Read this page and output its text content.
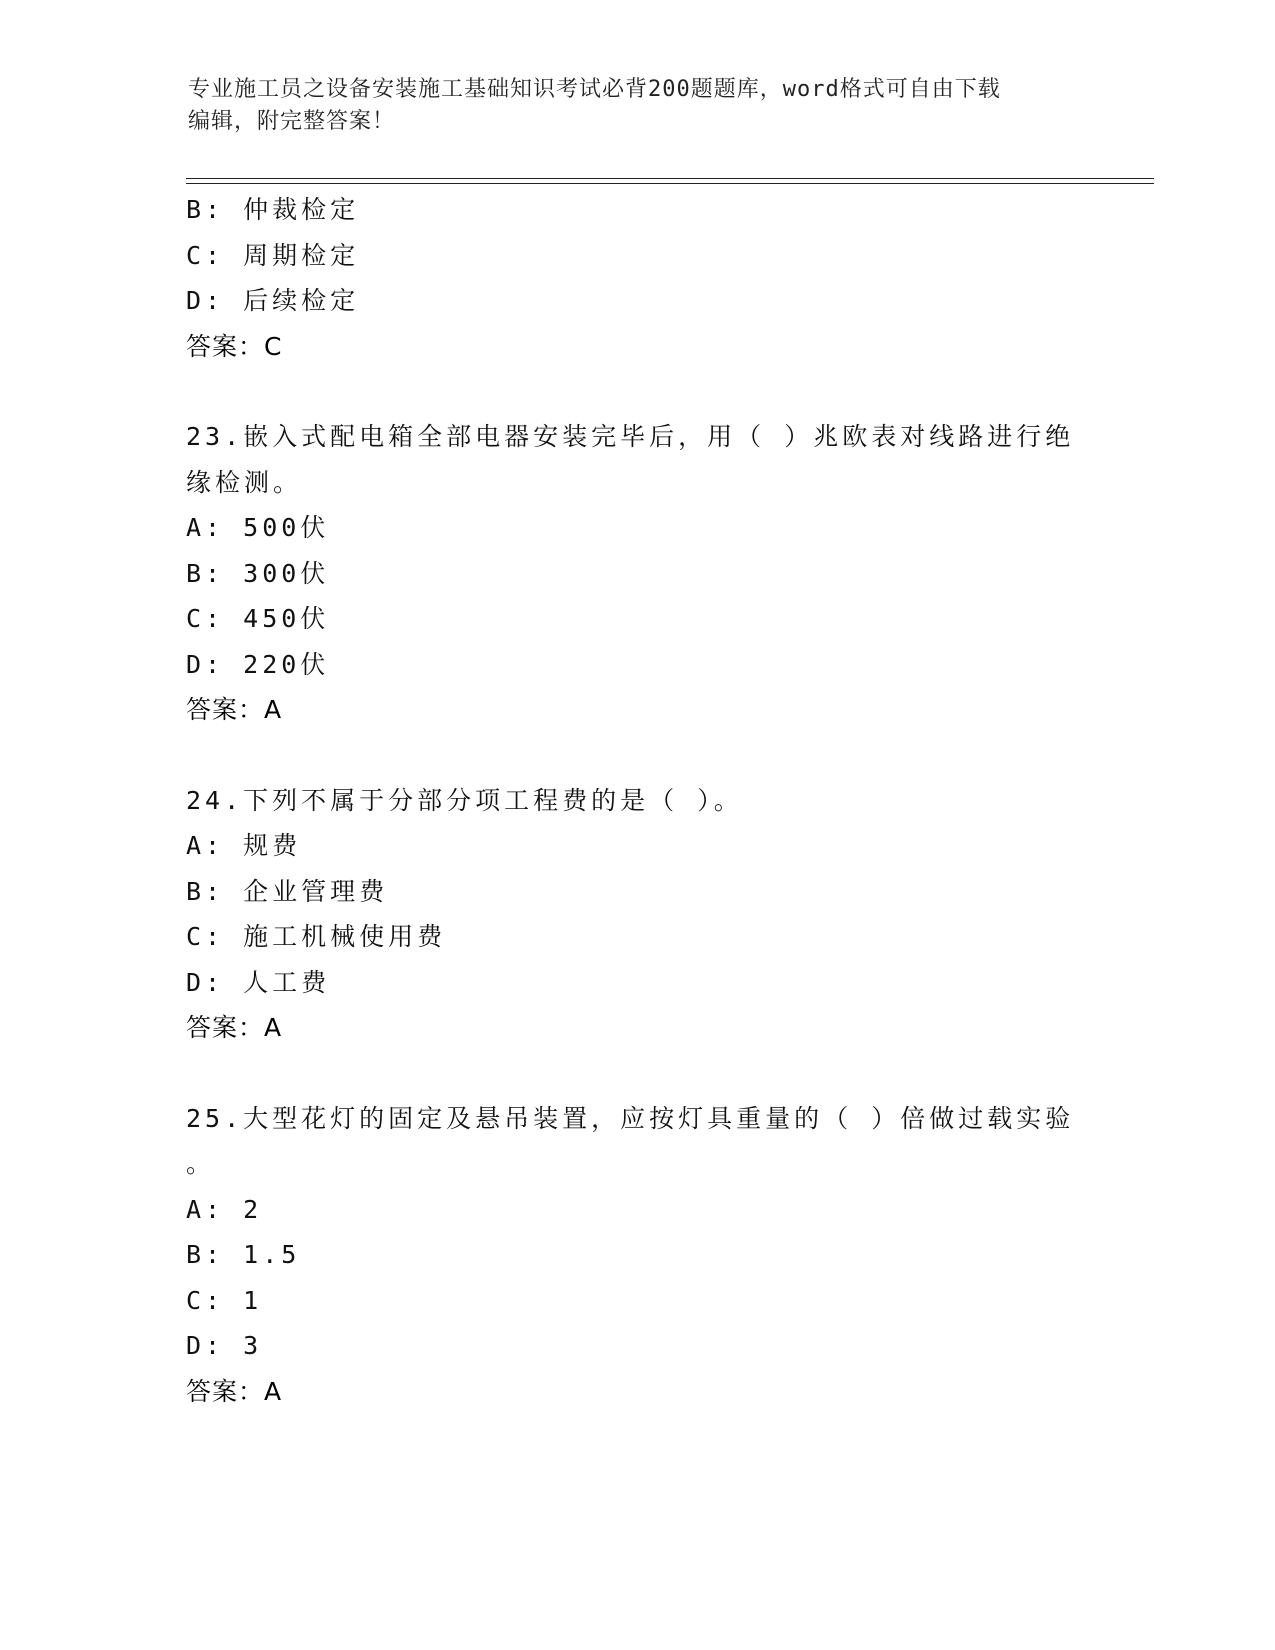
专业施工员之设备安装施工基础知识考试必背200题题库，word格式可自由下载
编辑，附完整答案！
B: 仲裁检定
C: 周期检定
D: 后续检定
答案：C
23.嵌入式配电箱全部电器安装完毕后，用（ ）兆欧表对线路进行绝
缘检测。
A: 500伏
B: 300伏
C: 450伏
D: 220伏
答案：A
24.下列不属于分部分项工程费的是（ ）。
A: 规费
B: 企业管理费
C: 施工机械使用费
D: 人工费
答案：A
25.大型花灯的固定及悬吊装置，应按灯具重量的（ ）倍做过载实验
。
A: 2
B: 1.5
C: 1
D: 3
答案：A
